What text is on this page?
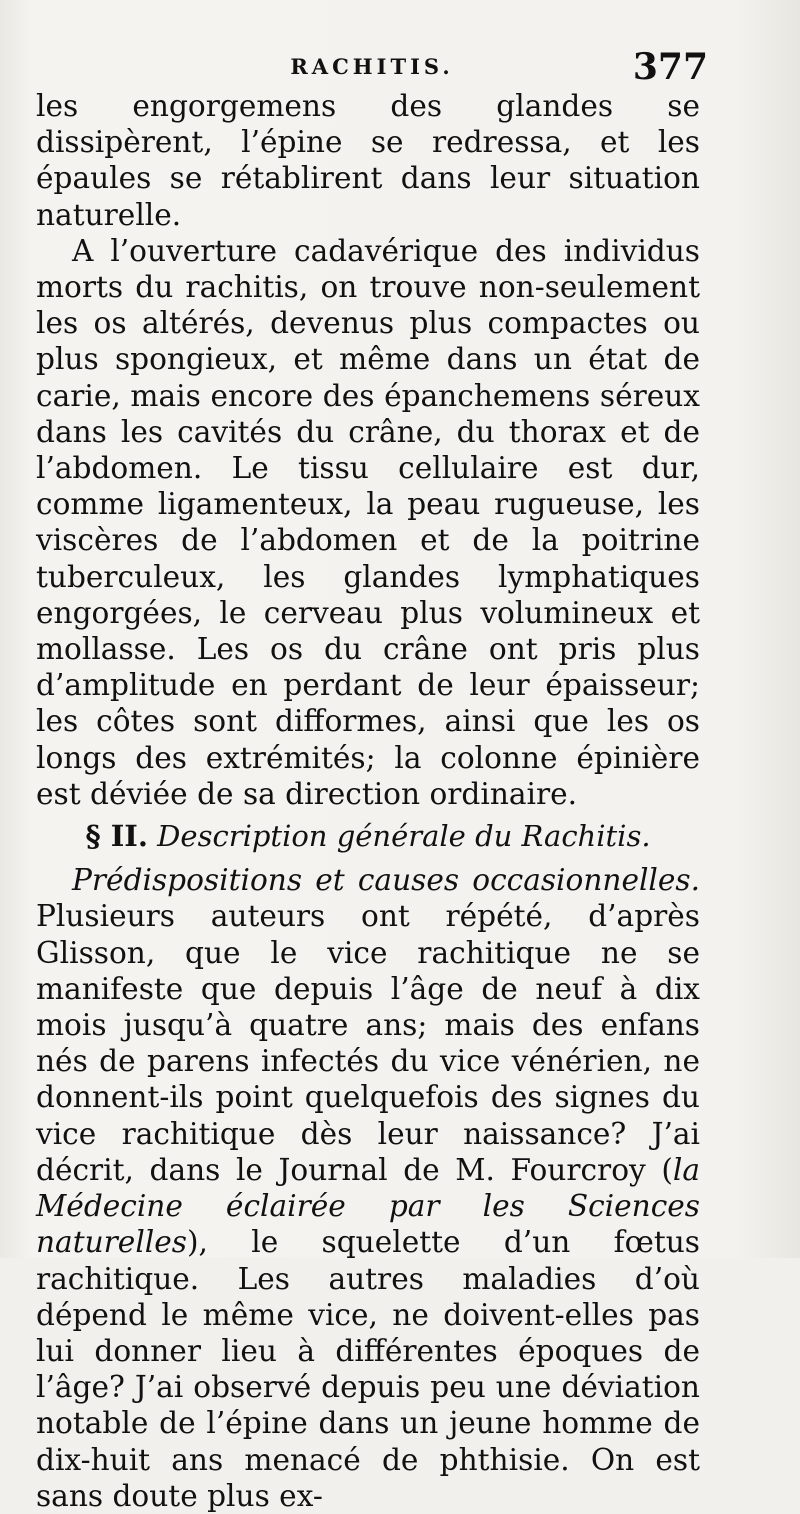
RACHITIS.	377

les engorgemens des glandes se dissipèrent, l’épine se redressa, et les épaules se rétablirent dans leur situation naturelle.

A l’ouverture cadavérique des individus morts du rachitis, on trouve non-seulement les os altérés, devenus plus compactes ou plus spongieux, et même dans un état de carie, mais encore des épanchemens séreux dans les cavités du crâne, du thorax et de l’abdomen. Le tissu cellulaire est dur, comme ligamenteux, la peau rugueuse, les viscères de l’abdomen et de la poitrine tuberculeux, les glandes lymphatiques engorgées, le cerveau plus volumineux et mollasse. Les os du crâne ont pris plus d’amplitude en perdant de leur épaisseur; les côtes sont difformes, ainsi que les os longs des extrémités; la colonne épinière est déviée de sa direction ordinaire.

§ II. Description générale du Rachitis.

Prédispositions et causes occasionnelles. Plusieurs auteurs ont répété, d’après Glisson, que le vice rachitique ne se manifeste que depuis l’âge de neuf à dix mois jusqu’à quatre ans; mais des enfans nés de parens infectés du vice vénérien, ne donnent-ils point quelquefois des signes du vice rachitique dès leur naissance? J’ai décrit, dans le Journal de M. Fourcroy (la Médecine éclairée par les Sciences naturelles), le squelette d’un fœtus rachitique. Les autres maladies d’où dépend le même vice, ne doivent-elles pas lui donner lieu à différentes époques de l’âge? J’ai observé depuis peu une déviation notable de l’épine dans un jeune homme de dix-huit ans menacé de phthisie. On est sans doute plus ex-
